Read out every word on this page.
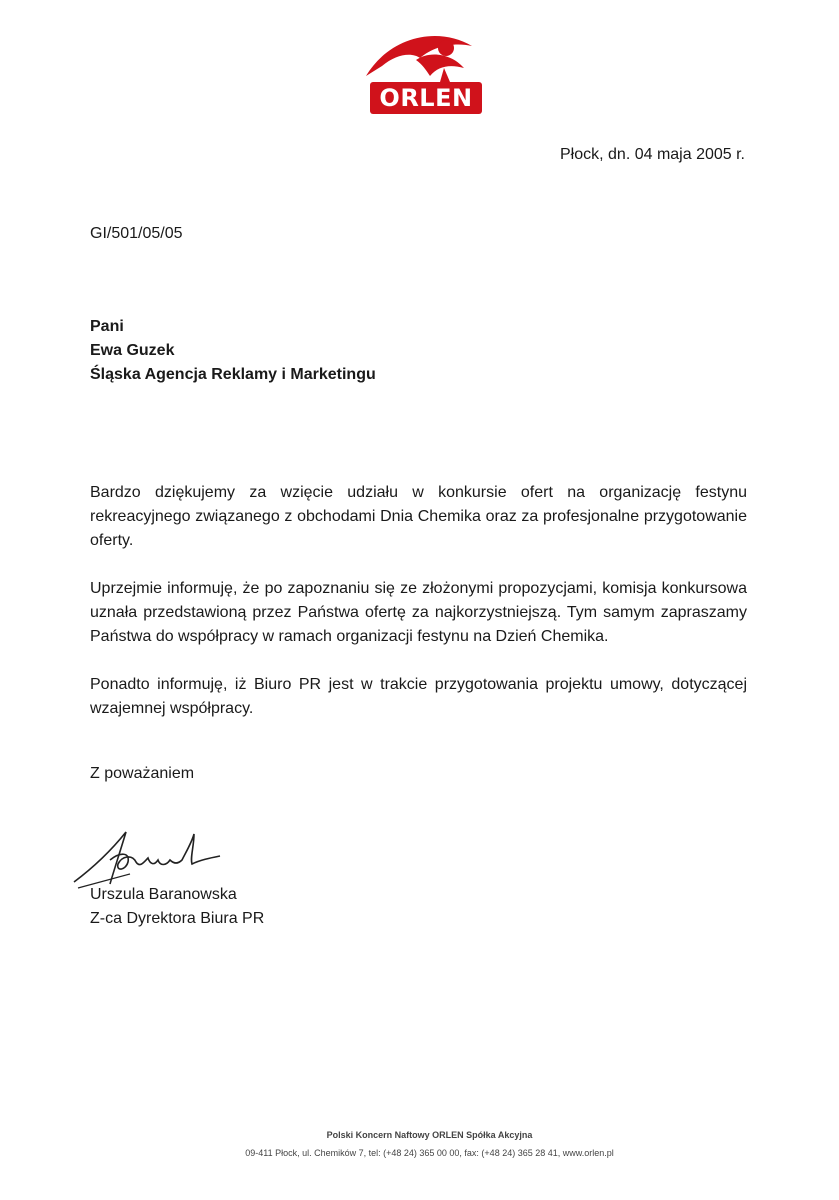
ORLEN
Płock, dn. 04 maja 2005 r.
GI/501/05/05
Pani
Ewa Guzek
Śląska Agencja Reklamy i Marketingu

Bardzo dziękujemy za wzięcie udziału w konkursie ofert na organizację festynu rekreacyjnego związanego z obchodami Dnia Chemika oraz za profesjonalne przygotowanie oferty.

Uprzejmie informuję, że po zapoznaniu się ze złożonymi propozycjami, komisja konkursowa uznała przedstawioną przez Państwa ofertę za najkorzystniejszą. Tym samym zapraszamy Państwa do współpracy w ramach organizacji festynu na Dzień Chemika.

Ponadto informuję, iż Biuro PR jest w trakcie przygotowania projektu umowy, dotyczącej wzajemnej współpracy.

Z poważaniem
Urszula Baranowska
Z-ca Dyrektora Biura PR
Polski Koncern Naftowy ORLEN Spółka Akcyjna
09-411 Płock, ul. Chemików 7, tel: (+48 24) 365 00 00, fax: (+48 24) 365 28 41, www.orlen.pl
